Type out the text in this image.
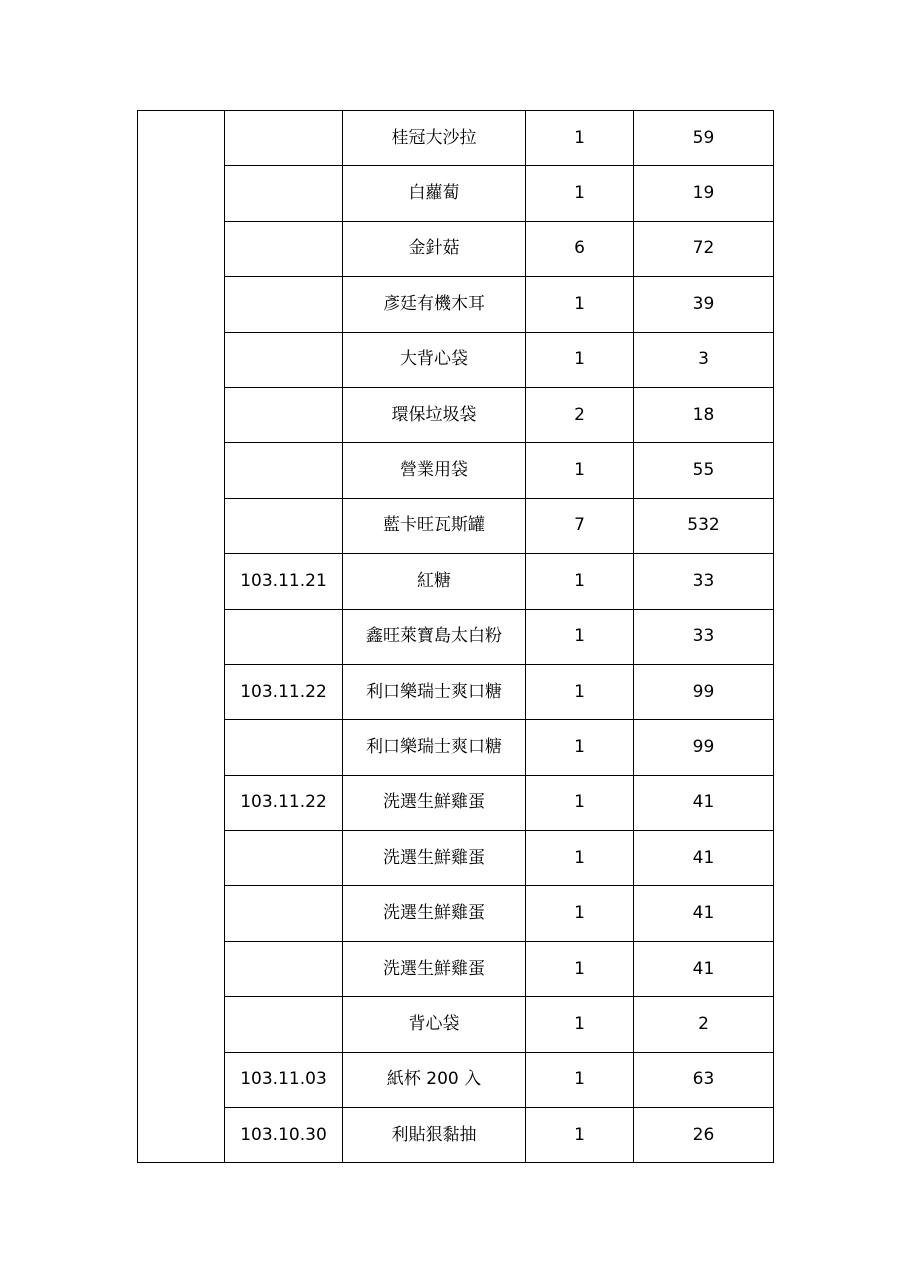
		桂冠大沙拉	1	59
		白蘿蔔	1	19
		金針菇	6	72
		彥廷有機木耳	1	39
		大背心袋	1	3
		環保垃圾袋	2	18
		營業用袋	1	55
		藍卡旺瓦斯罐	7	532
	103.11.21	紅糖	1	33
		鑫旺萊寶島太白粉	1	33
	103.11.22	利口樂瑞士爽口糖	1	99
		利口樂瑞士爽口糖	1	99
	103.11.22	洗選生鮮雞蛋	1	41
		洗選生鮮雞蛋	1	41
		洗選生鮮雞蛋	1	41
		洗選生鮮雞蛋	1	41
		背心袋	1	2
	103.11.03	紙杯 200 入	1	63
	103.10.30	利貼狠黏抽	1	26
